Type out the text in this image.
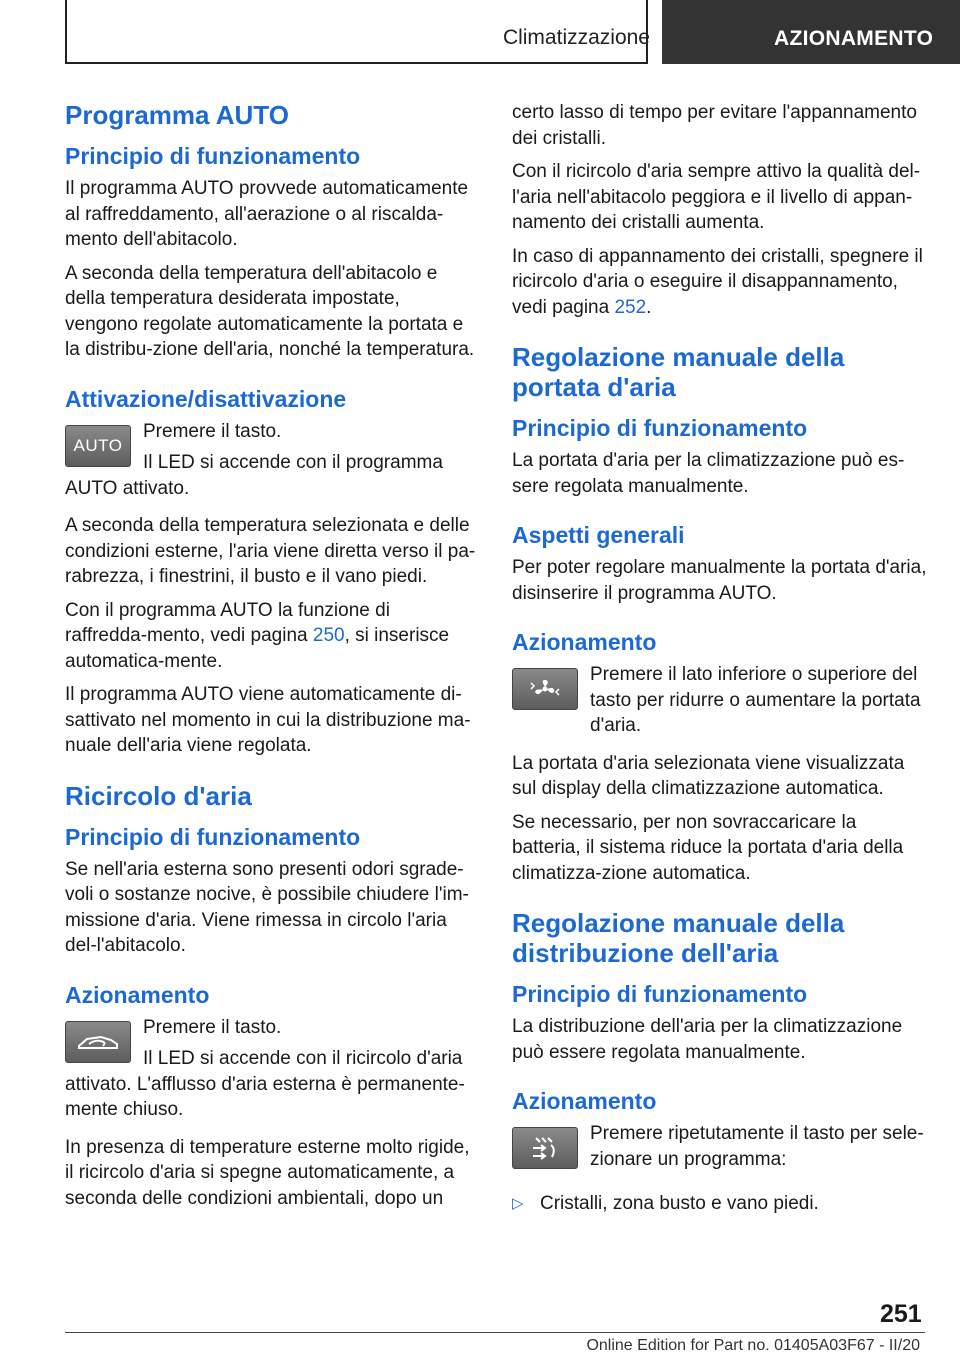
Climatizzazione	AZIONAMENTO
Programma AUTO
Principio di funzionamento

Il programma AUTO provvede automaticamente al raffreddamento, all'aerazione o al riscalda-mento dell'abitacolo.

A seconda della temperatura dell'abitacolo e della temperatura desiderata impostate, vengono regolate automaticamente la portata e la distribu-zione dell'aria, nonché la temperatura.

Attivazione/disattivazione
AUTO

Premere il tasto.

Il LED si accende con il programma AUTO attivato.

A seconda della temperatura selezionata e delle condizioni esterne, l'aria viene diretta verso il pa-rabrezza, i finestrini, il busto e il vano piedi.

Con il programma AUTO la funzione di raffredda-mento, vedi pagina 250, si inserisce automatica-mente.

Il programma AUTO viene automaticamente di-sattivato nel momento in cui la distribuzione ma-nuale dell'aria viene regolata.

Ricircolo d'aria
Principio di funzionamento

Se nell'aria esterna sono presenti odori sgrade-voli o sostanze nocive, è possibile chiudere l'im-missione d'aria. Viene rimessa in circolo l'aria del-l'abitacolo.

Azionamento

Premere il tasto.

Il LED si accende con il ricircolo d'aria attivato. L'afflusso d'aria esterna è permanente-mente chiuso.

In presenza di temperature esterne molto rigide, il ricircolo d'aria si spegne automaticamente, a seconda delle condizioni ambientali, dopo un

certo lasso di tempo per evitare l'appannamento dei cristalli.

Con il ricircolo d'aria sempre attivo la qualità del-l'aria nell'abitacolo peggiora e il livello di appan-namento dei cristalli aumenta.

In caso di appannamento dei cristalli, spegnere il ricircolo d'aria o eseguire il disappannamento, vedi pagina 252.

Regolazione manuale della portata d'aria
Principio di funzionamento

La portata d'aria per la climatizzazione può es-sere regolata manualmente.

Aspetti generali

Per poter regolare manualmente la portata d'aria, disinserire il programma AUTO.

Azionamento

Premere il lato inferiore o superiore del tasto per ridurre o aumentare la portata d'aria.

La portata d'aria selezionata viene visualizzata sul display della climatizzazione automatica.

Se necessario, per non sovraccaricare la batteria, il sistema riduce la portata d'aria della climatizza-zione automatica.

Regolazione manuale della distribuzione dell'aria
Principio di funzionamento

La distribuzione dell'aria per la climatizzazione può essere regolata manualmente.

Azionamento

Premere ripetutamente il tasto per sele-zionare un programma:

▷ Cristalli, zona busto e vano piedi.
251
Online Edition for Part no. 01405A03F67 - II/20
